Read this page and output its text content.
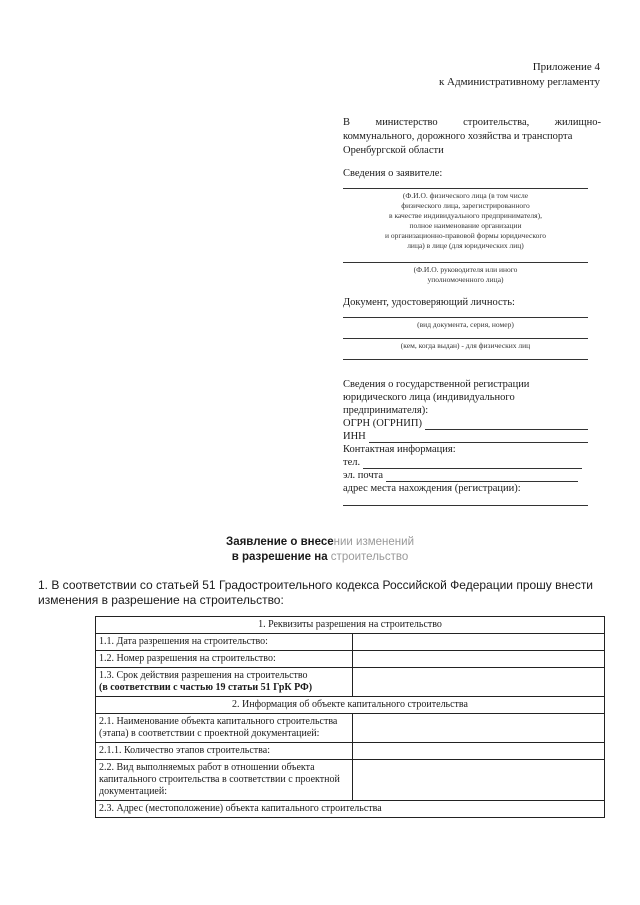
Приложение 4
к Административному регламенту
В министерство строительства, жилищно-
коммунального, дорожного хозяйства и транспорта
Оренбургской области
Сведения о заявителе:
(Ф.И.О. физического лица (в том числе
физического лица, зарегистрированного
в качестве индивидуального предпринимателя),
полное наименование организации
и организационно-правовой формы юридического
лица) в лице (для юридических лиц)
(Ф.И.О. руководителя или иного
уполномоченного лица)
Документ, удостоверяющий личность:
(вид документа, серия, номер)
(кем, когда выдан) - для физических лиц
Сведения о государственной регистрации
юридического лица (индивидуального
предпринимателя):
ОГРН (ОГРНИП)
ИНН
Контактная информация:
тел.
эл. почта
адрес места нахождения (регистрации):
Заявление о внесении изменений
в разрешение на строительство
1. В соответствии со статьей 51 Градостроительного кодекса Российской Федерации прошу внести изменения в разрешение на строительство:
1. Реквизиты разрешения на строительство	
1.1. Дата разрешения на строительство:	
1.2. Номер разрешения на строительство:	

1.3. Срок действия разрешения на строительство
(в соответствии с частью 19 статьи 51 ГрК РФ)	

2. Информация об объекте капитального строительства	
2.1. Наименование объекта капитального строительства (этапа) в соответствии с проектной документацией:	
2.1.1. Количество этапов строительства:	
2.2. Вид выполняемых работ в отношении объекта капитального строительства в соответствии с проектной документацией:	
2.3. Адрес (местоположение) объекта капитального строительства	
